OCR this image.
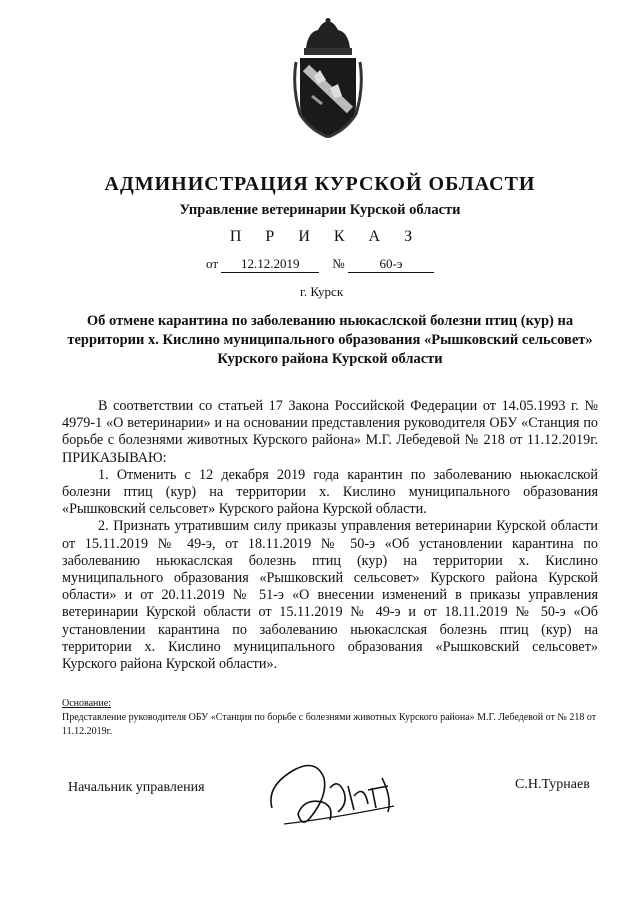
АДМИНИСТРАЦИЯ КУРСКОЙ ОБЛАСТИ
Управление ветеринарии Курской области
П Р И К А З
от 12.12.2019	№	60-э
г. Курск
Об отмене карантина по заболеванию ньюкаслской болезни птиц (кур) на территории х. Кислино муниципального образования «Рышковский сельсовет» Курского района Курской области

В соответствии со статьей 17 Закона Российской Федерации от 14.05.1993 г. № 4979-1 «О ветеринарии» и на основании представления руководителя ОБУ «Станция по борьбе с болезнями животных Курского района» М.Г. Лебедевой № 218 от 11.12.2019г. ПРИКАЗЫВАЮ:

1. Отменить с 12 декабря 2019 года карантин по заболеванию ньюкаслской болезни птиц (кур) на территории х. Кислино муниципального образования «Рышковский сельсовет» Курского района Курской области.

2. Признать утратившим силу приказы управления ветеринарии Курской области от 15.11.2019 № 49-э, от 18.11.2019 № 50-э «Об установлении карантина по заболеванию ньюкаслская болезнь птиц (кур) на территории х. Кислино муниципального образования «Рышковский сельсовет» Курского района Курской области» и от 20.11.2019 № 51-э «О внесении изменений в приказы управления ветеринарии Курской области от 15.11.2019 № 49-э и от 18.11.2019 № 50-э «Об установлении карантина по заболеванию ньюкаслская болезнь птиц (кур) на территории х. Кислино муниципального образования «Рышковский сельсовет» Курского района Курской области».

Основание:
Представление руководителя ОБУ «Станция по борьбе с болезнями животных Курского района» М.Г. Лебедевой от № 218 от 11.12.2019г.
Начальник управления	С.Н.Турнаев
